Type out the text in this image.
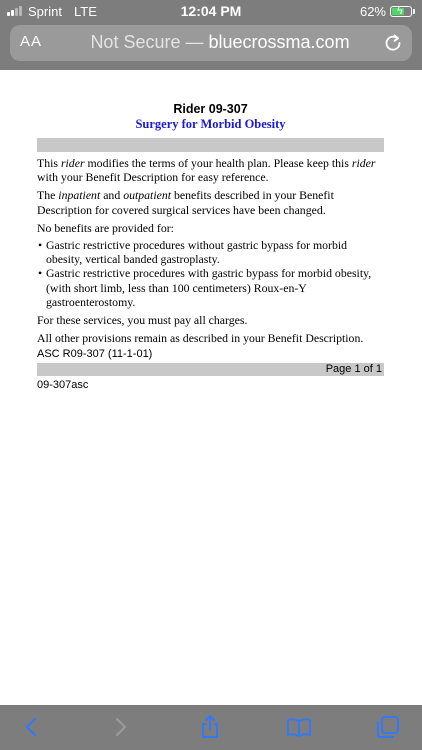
Sprint LTE	12:04 PM	62% ϟ
AA	Not Secure — bluecrossma.com
Rider 09-307
Surgery for Morbid Obesity

This rider modifies the terms of your health plan. Please keep this rider with your Benefit Description for easy reference.

The inpatient and outpatient benefits described in your Benefit Description for covered surgical services have been changed.

No benefits are provided for:

• Gastric restrictive procedures without gastric bypass for morbid obesity, vertical banded gastroplasty.
• Gastric restrictive procedures with gastric bypass for morbid obesity, (with short limb, less than 100 centimeters) Roux-en-Y gastroenterostomy.

For these services, you must pay all charges.

All other provisions remain as described in your Benefit Description.

ASC R09-307 (11-1-01)
Page 1 of 1
09-307asc
